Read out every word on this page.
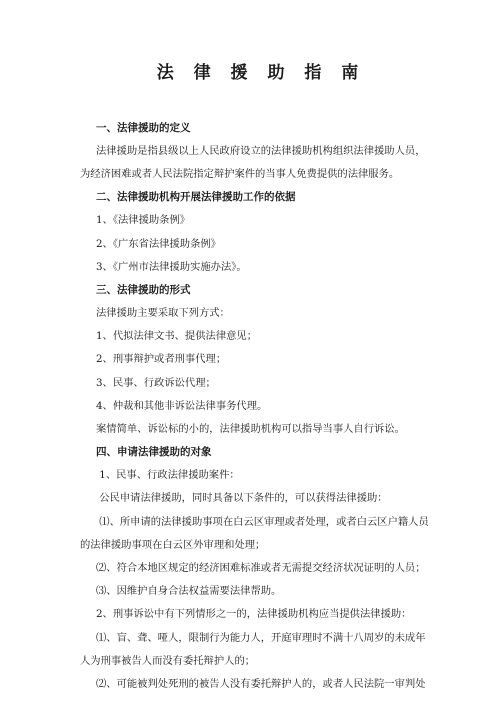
法 律 援 助 指 南
一、法律援助的定义
法律援助是指县级以上人民政府设立的法律援助机构组织法律援助人员，
为经济困难或者人民法院指定辩护案件的当事人免费提供的法律服务。
二、法律援助机构开展法律援助工作的依据
1、《法律援助条例》
2、《广东省法律援助条例》
3、《广州市法律援助实施办法》。
三、法律援助的形式
法律援助主要采取下列方式：
1、代拟法律文书、提供法律意见；
2、刑事辩护或者刑事代理；
3、民事、行政诉讼代理；
4、仲裁和其他非诉讼法律事务代理。
案情简单、诉讼标的小的，法律援助机构可以指导当事人自行诉讼。
四、申请法律援助的对象
1、民事、行政法律援助案件：
公民申请法律援助，同时具备以下条件的，可以获得法律援助：
⑴、所申请的法律援助事项在白云区审理或者处理，或者白云区户籍人员
的法律援助事项在白云区外审理和处理；
⑵、符合本地区规定的经济困难标准或者无需提交经济状况证明的人员；
⑶、因维护自身合法权益需要法律帮助。
2、刑事诉讼中有下列情形之一的，法律援助机构应当提供法律援助：
⑴、盲、聋、哑人，限制行为能力人，开庭审理时不满十八周岁的未成年
人为刑事被告人而没有委托辩护人的；
⑵、可能被判处死刑的被告人没有委托辩护人的，或者人民法院一审判处
